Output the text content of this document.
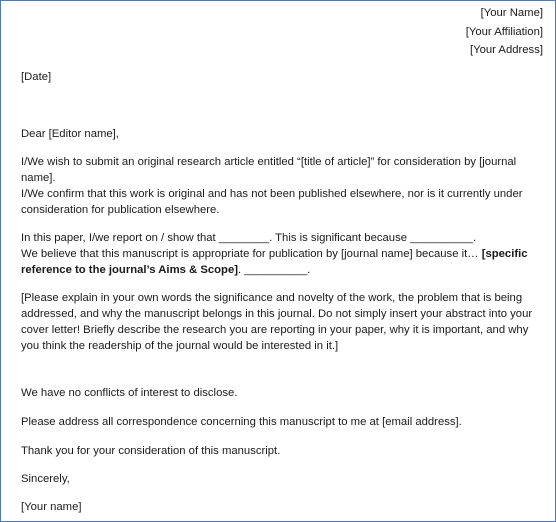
[Your Name]
[Your Affiliation]
[Your Address]
[Date]
Dear [Editor name],
I/We wish to submit an original research article entitled “[title of article]” for consideration by [journal
name].
I/We confirm that this work is original and has not been published elsewhere, nor is it currently under
consideration for publication elsewhere.
In this paper, I/we report on / show that ________. This is significant because __________.
We believe that this manuscript is appropriate for publication by [journal name] because it… [specific
reference to the journal’s Aims & Scope]. __________.
[Please explain in your own words the significance and novelty of the work, the problem that is being
addressed, and why the manuscript belongs in this journal. Do not simply insert your abstract into your
cover letter! Briefly describe the research you are reporting in your paper, why it is important, and why
you think the readership of the journal would be interested in it.]
We have no conflicts of interest to disclose.
Please address all correspondence concerning this manuscript to me at [email address].
Thank you for your consideration of this manuscript.
Sincerely,
[Your name]
